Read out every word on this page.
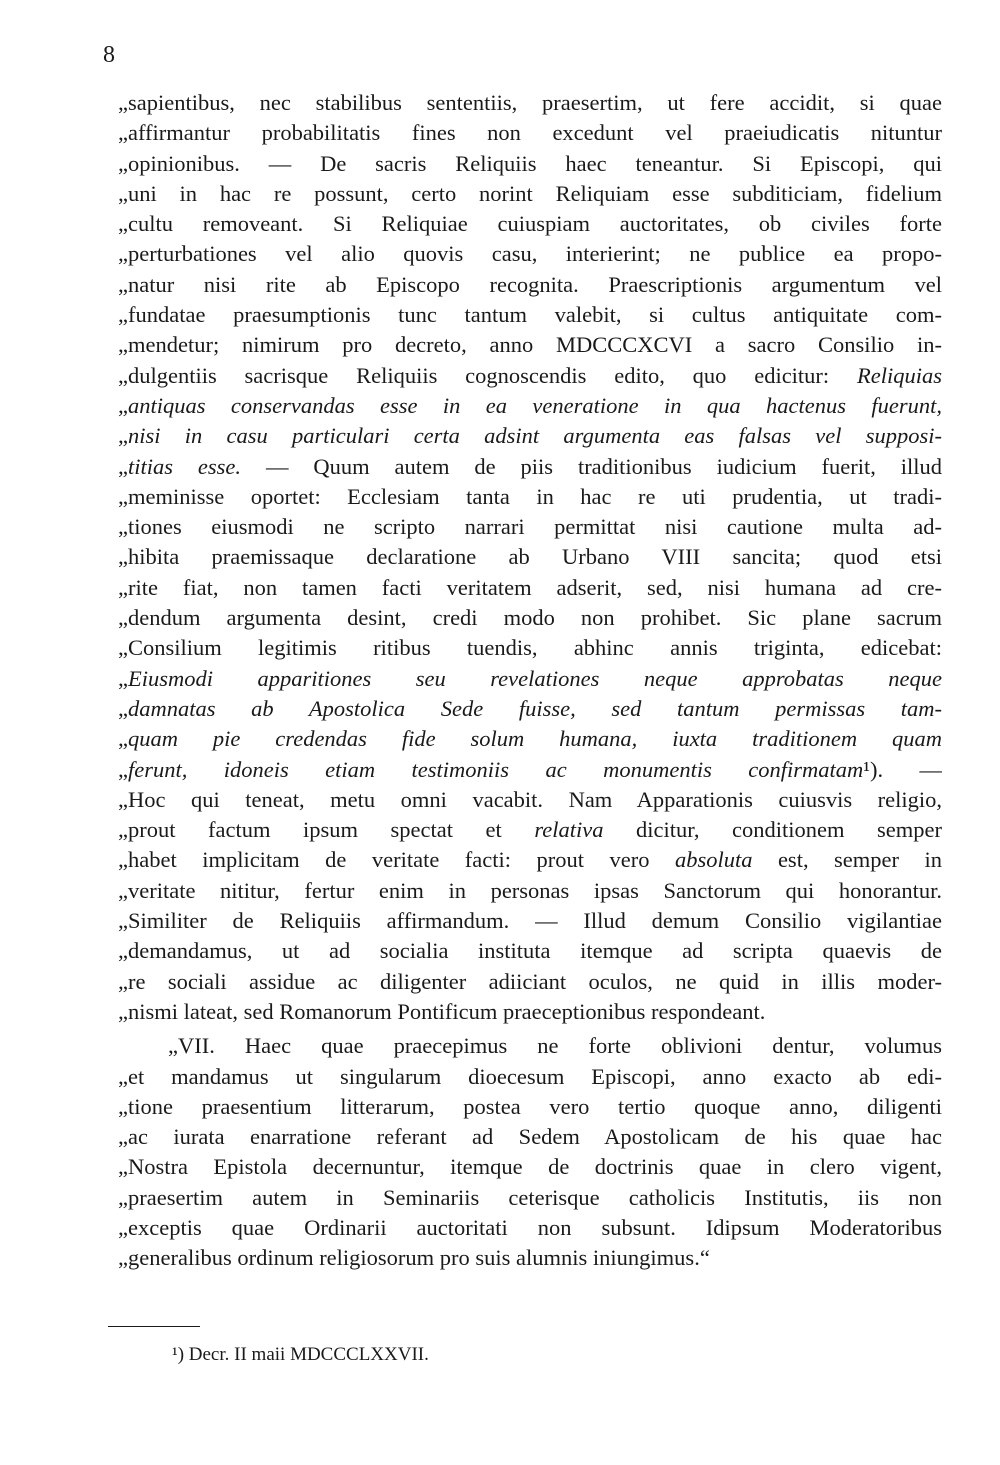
8

„sapientibus, nec stabilibus sententiis, praesertim, ut fere accidit, si quae
„affirmantur probabilitatis fines non excedunt vel praeiudicatis nituntur
„opinionibus. — De sacris Reliquiis haec teneantur. Si Episcopi, qui
„uni in hac re possunt, certo norint Reliquiam esse subditiciam, fidelium
„cultu removeant. Si Reliquiae cuiuspiam auctoritates, ob civiles forte
„perturbationes vel alio quovis casu, interierint; ne publice ea propo-
„natur nisi rite ab Episcopo recognita. Praescriptionis argumentum vel
„fundatae praesumptionis tunc tantum valebit, si cultus antiquitate com-
„mendetur; nimirum pro decreto, anno MDCCCXCVI a sacro Consilio in-
„dulgentiis sacrisque Reliquiis cognoscendis edito, quo edicitur: Reliquias
„antiquas conservandas esse in ea veneratione in qua hactenus fuerunt,
„nisi in casu particulari certa adsint argumenta eas falsas vel supposi-
„titias esse. — Quum autem de piis traditionibus iudicium fuerit, illud
„meminisse oportet: Ecclesiam tanta in hac re uti prudentia, ut tradi-
„tiones eiusmodi ne scripto narrari permittat nisi cautione multa ad-
„hibita praemissaque declaratione ab Urbano VIII sancita; quod etsi
„rite fiat, non tamen facti veritatem adserit, sed, nisi humana ad cre-
„dendum argumenta desint, credi modo non prohibet. Sic plane sacrum
„Consilium legitimis ritibus tuendis, abhinc annis triginta, edicebat:
„Eiusmodi apparitiones seu revelationes neque approbatas neque
„damnatas ab Apostolica Sede fuisse, sed tantum permissas tam-
„quam pie credendas fide solum humana, iuxta traditionem quam
„ferunt, idoneis etiam testimoniis ac monumentis confirmatam¹). —
„Hoc qui teneat, metu omni vacabit. Nam Apparationis cuiusvis religio,
„prout factum ipsum spectat et relativa dicitur, conditionem semper
„habet implicitam de veritate facti: prout vero absoluta est, semper in
„veritate nititur, fertur enim in personas ipsas Sanctorum qui honorantur.
„Similiter de Reliquiis affirmandum. — Illud demum Consilio vigilantiae
„demandamus, ut ad socialia instituta itemque ad scripta quaevis de
„re sociali assidue ac diligenter adiiciant oculos, ne quid in illis moder-
„nismi lateat, sed Romanorum Pontificum praeceptionibus respondeant.
„VII. Haec quae praecepimus ne forte oblivioni dentur, volumus
„et mandamus ut singularum dioecesum Episcopi, anno exacto ab edi-
„tione praesentium litterarum, postea vero tertio quoque anno, diligenti
„ac iurata enarratione referant ad Sedem Apostolicam de his quae hac
„Nostra Epistola decernuntur, itemque de doctrinis quae in clero vigent,
„praesertim autem in Seminariis ceterisque catholicis Institutis, iis non
„exceptis quae Ordinarii auctoritati non subsunt. Idipsum Moderatoribus
„generalibus ordinum religiosorum pro suis alumnis iniungimus.“

¹) Decr. II maii MDCCCLXXVII.
